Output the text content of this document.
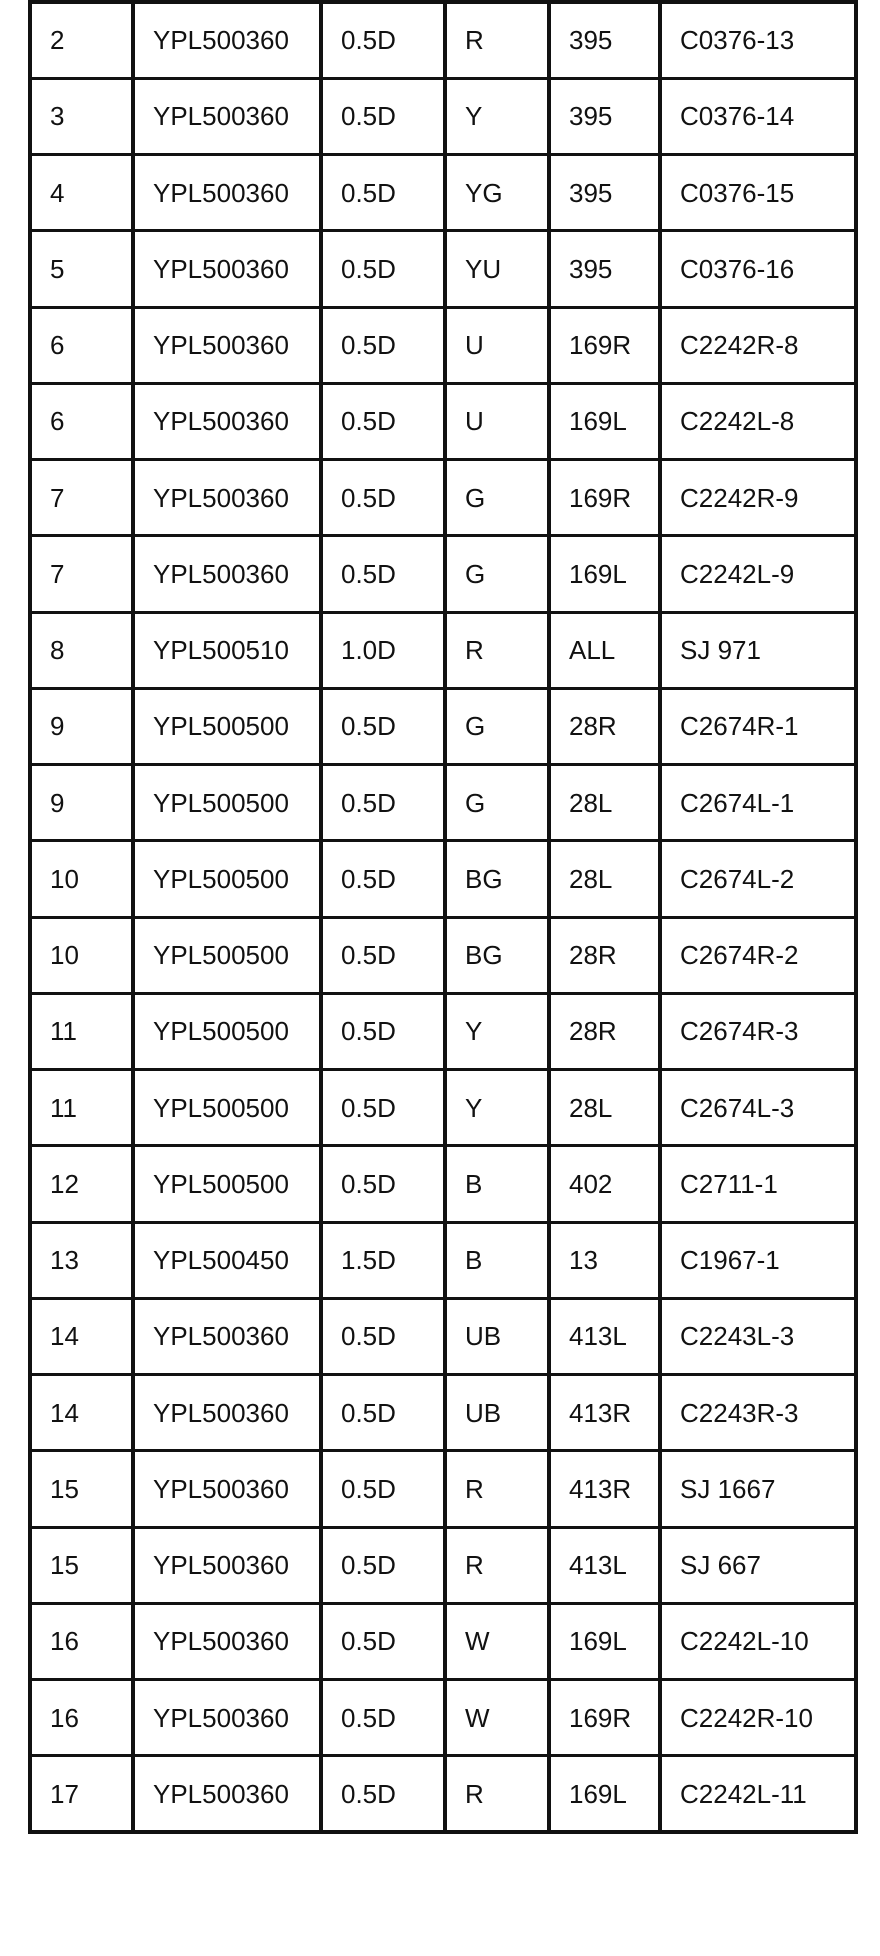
2	YPL500360	0.5D	R	395	C0376-13
3	YPL500360	0.5D	Y	395	C0376-14
4	YPL500360	0.5D	YG	395	C0376-15
5	YPL500360	0.5D	YU	395	C0376-16
6	YPL500360	0.5D	U	169R	C2242R-8
6	YPL500360	0.5D	U	169L	C2242L-8
7	YPL500360	0.5D	G	169R	C2242R-9
7	YPL500360	0.5D	G	169L	C2242L-9
8	YPL500510	1.0D	R	ALL	SJ 971
9	YPL500500	0.5D	G	28R	C2674R-1
9	YPL500500	0.5D	G	28L	C2674L-1
10	YPL500500	0.5D	BG	28L	C2674L-2
10	YPL500500	0.5D	BG	28R	C2674R-2
11	YPL500500	0.5D	Y	28R	C2674R-3
11	YPL500500	0.5D	Y	28L	C2674L-3
12	YPL500500	0.5D	B	402	C2711-1
13	YPL500450	1.5D	B	13	C1967-1
14	YPL500360	0.5D	UB	413L	C2243L-3
14	YPL500360	0.5D	UB	413R	C2243R-3
15	YPL500360	0.5D	R	413R	SJ 1667
15	YPL500360	0.5D	R	413L	SJ 667
16	YPL500360	0.5D	W	169L	C2242L-10
16	YPL500360	0.5D	W	169R	C2242R-10
17	YPL500360	0.5D	R	169L	C2242L-11
